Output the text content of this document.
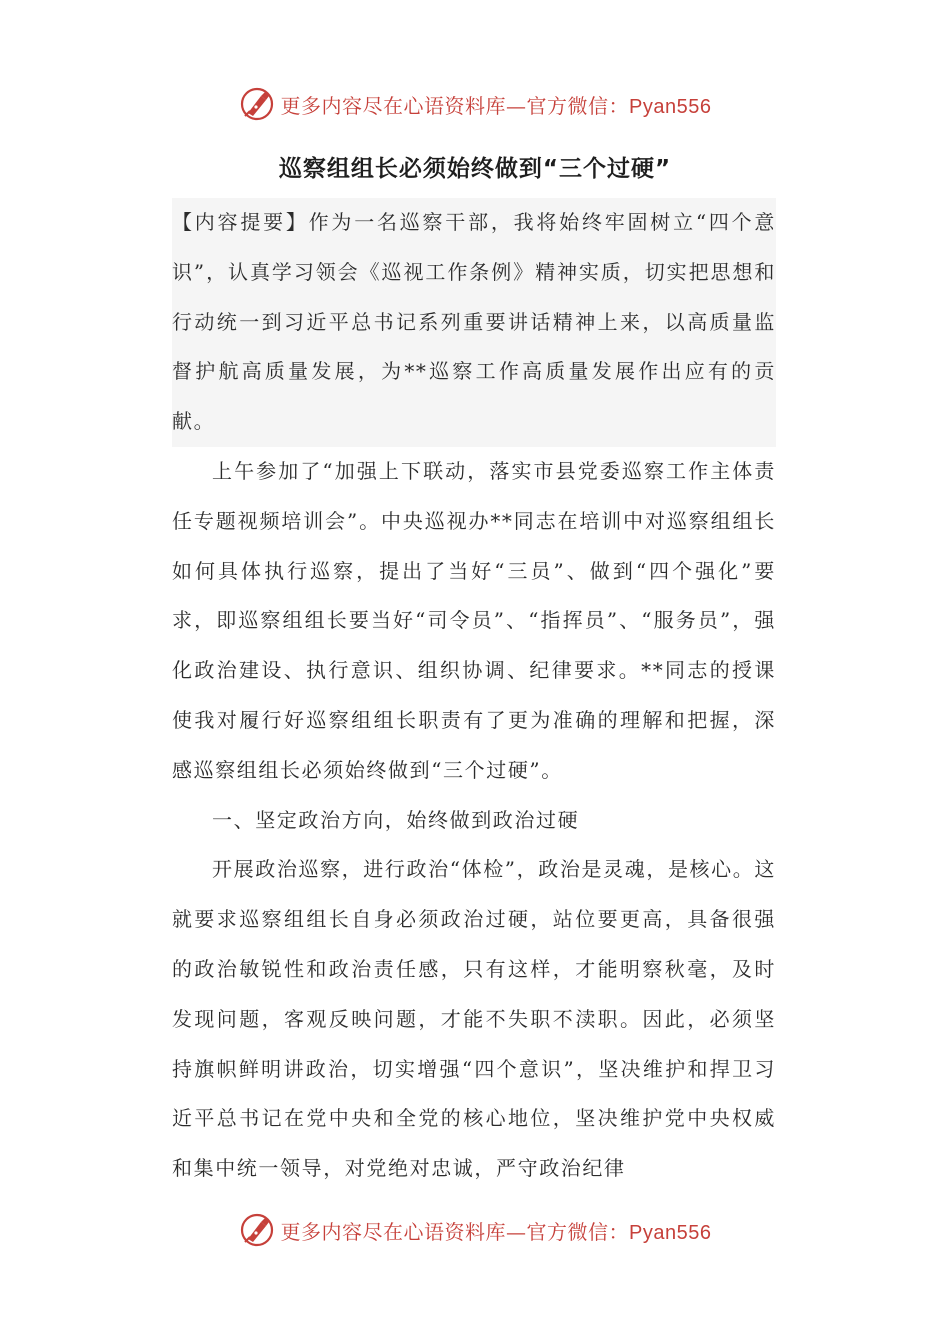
更多内容尽在心语资料库—官方微信：Pyan556
巡察组组长必须始终做到“三个过硬”

【内容提要】作为一名巡察干部，我将始终牢固树立“四个意识”，认真学习领会《巡视工作条例》精神实质，切实把思想和行动统一到习近平总书记系列重要讲话精神上来，以高质量监督护航高质量发展，为**巡察工作高质量发展作出应有的贡献。

上午参加了“加强上下联动，落实市县党委巡察工作主体责任专题视频培训会”。中央巡视办**同志在培训中对巡察组组长如何具体执行巡察，提出了当好“三员”、做到“四个强化”要求，即巡察组组长要当好“司令员”、“指挥员”、“服务员”，强化政治建设、执行意识、组织协调、纪律要求。**同志的授课使我对履行好巡察组组长职责有了更为准确的理解和把握，深感巡察组组长必须始终做到“三个过硬”。

一、坚定政治方向，始终做到政治过硬

开展政治巡察，进行政治“体检”，政治是灵魂，是核心。这就要求巡察组组长自身必须政治过硬，站位要更高，具备很强的政治敏锐性和政治责任感，只有这样，才能明察秋毫，及时发现问题，客观反映问题，才能不失职不渎职。因此，必须坚持旗帜鲜明讲政治，切实增强“四个意识”，坚决维护和捍卫习近平总书记在党中央和全党的核心地位，坚决维护党中央权威和集中统一领导，对党绝对忠诚，严守政治纪律

更多内容尽在心语资料库—官方微信：Pyan556
